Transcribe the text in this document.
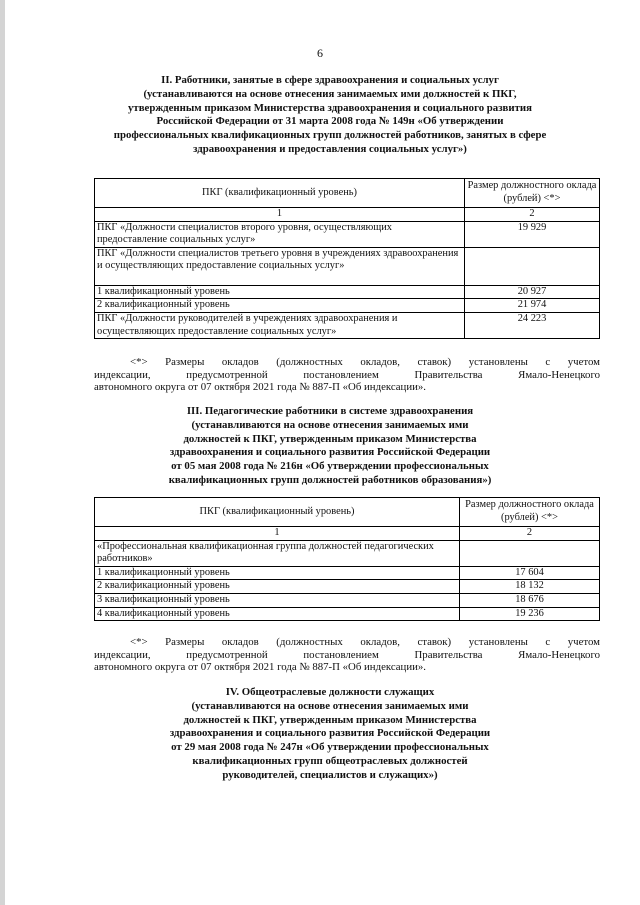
6
II. Работники, занятые в сфере здравоохранения и социальных услуг
(устанавливаются на основе отнесения занимаемых ими должностей к ПКГ,
утвержденным приказом Министерства здравоохранения и социального развития
Российской Федерации от 31 марта 2008 года № 149н «Об утверждении
профессиональных квалификационных групп должностей работников, занятых в сфере
здравоохранения и предоставления социальных услуг»)
ПКГ (квалификационный уровень)	Размер должностного оклада (рублей) <*>
1	2
ПКГ «Должности специалистов второго уровня, осуществляющих предоставление социальных услуг»	19 929
ПКГ «Должности специалистов третьего уровня в учреждениях здравоохранения и осуществляющих предоставление социальных услуг»	
1 квалификационный уровень	20 927
2 квалификационный уровень	21 974
ПКГ «Должности руководителей в учреждениях здравоохранения и осуществляющих предоставление социальных услуг»	24 223
<*> Размеры окладов (должностных окладов, ставок) установлены с учетом
индексации, предусмотренной постановлением Правительства Ямало-Ненецкого
автономного округа от 07 октября 2021 года № 887-П «Об индексации».
III. Педагогические работники в системе здравоохранения
(устанавливаются на основе отнесения занимаемых ими
должностей к ПКГ, утвержденным приказом Министерства
здравоохранения и социального развития Российской Федерации
от 05 мая 2008 года № 216н «Об утверждении профессиональных
квалификационных групп должностей работников образования»)
ПКГ (квалификационный уровень)	Размер должностного оклада (рублей) <*>
1	2
«Профессиональная квалификационная группа должностей педагогических работников»	
1 квалификационный уровень	17 604
2 квалификационный уровень	18 132
3 квалификационный уровень	18 676
4 квалификационный уровень	19 236
<*> Размеры окладов (должностных окладов, ставок) установлены с учетом
индексации, предусмотренной постановлением Правительства Ямало-Ненецкого
автономного округа от 07 октября 2021 года № 887-П «Об индексации».
IV. Общеотраслевые должности служащих
(устанавливаются на основе отнесения занимаемых ими
должностей к ПКГ, утвержденным приказом Министерства
здравоохранения и социального развития Российской Федерации
от 29 мая 2008 года № 247н «Об утверждении профессиональных
квалификационных групп общеотраслевых должностей
руководителей, специалистов и служащих»)
